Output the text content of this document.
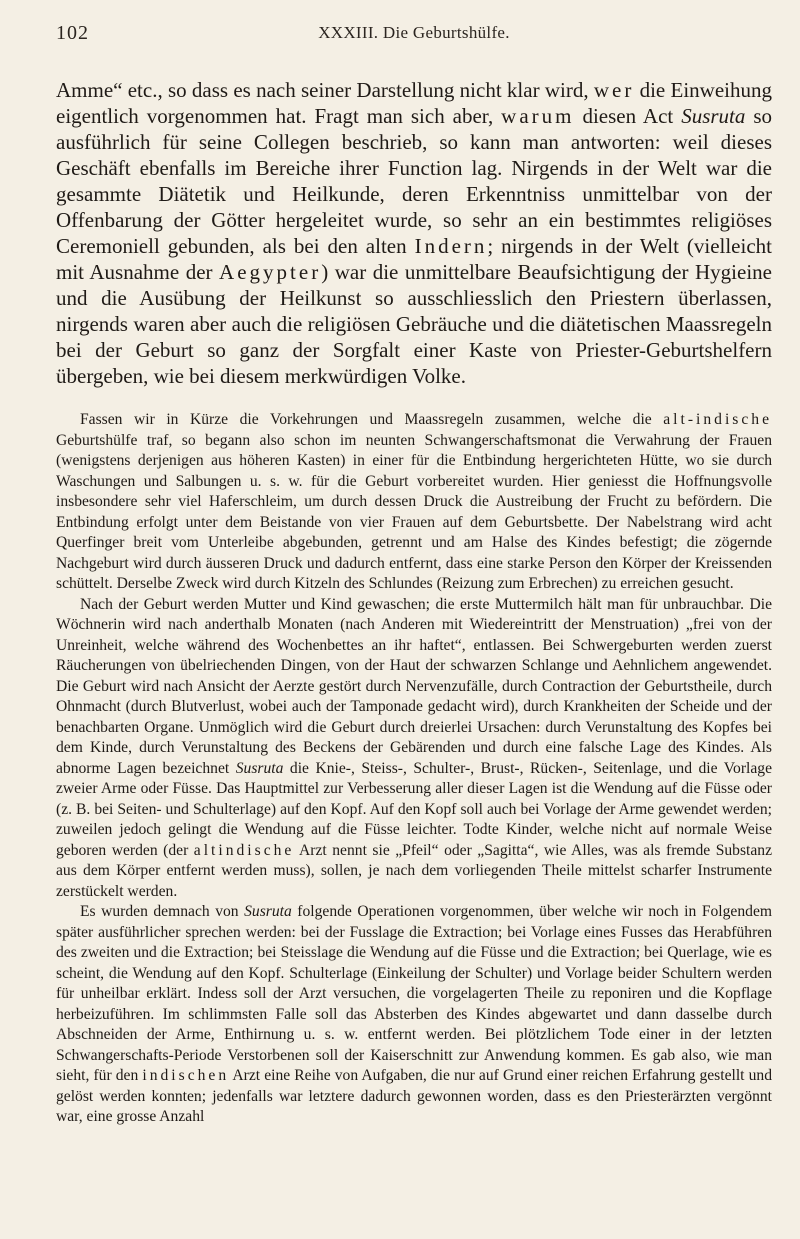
102	XXXIII. Die Geburtshülfe.

Amme“ etc., so dass es nach seiner Darstellung nicht klar wird, wer die Einweihung eigentlich vorgenommen hat. Fragt man sich aber, warum diesen Act Susruta so ausführlich für seine Collegen beschrieb, so kann man antworten: weil dieses Geschäft ebenfalls im Bereiche ihrer Function lag. Nirgends in der Welt war die gesammte Diätetik und Heilkunde, deren Erkenntniss unmittelbar von der Offenbarung der Götter hergeleitet wurde, so sehr an ein bestimmtes religiöses Ceremoniell gebunden, als bei den alten Indern; nirgends in der Welt (vielleicht mit Ausnahme der Aegypter) war die unmittelbare Beaufsichtigung der Hygieine und die Ausübung der Heilkunst so ausschliesslich den Priestern überlassen, nirgends waren aber auch die religiösen Gebräuche und die diätetischen Maassregeln bei der Geburt so ganz der Sorgfalt einer Kaste von Priester-Geburtshelfern übergeben, wie bei diesem merkwürdigen Volke.

Fassen wir in Kürze die Vorkehrungen und Maassregeln zusammen, welche die alt-indische Geburtshülfe traf, so begann also schon im neunten Schwangerschaftsmonat die Verwahrung der Frauen (wenigstens derjenigen aus höheren Kasten) in einer für die Entbindung hergerichteten Hütte, wo sie durch Waschungen und Salbungen u. s. w. für die Geburt vorbereitet wurden. Hier geniesst die Hoffnungsvolle insbesondere sehr viel Haferschleim, um durch dessen Druck die Austreibung der Frucht zu befördern. Die Entbindung erfolgt unter dem Beistande von vier Frauen auf dem Geburtsbette. Der Nabelstrang wird acht Querfinger breit vom Unterleibe abgebunden, getrennt und am Halse des Kindes befestigt; die zögernde Nachgeburt wird durch äusseren Druck und dadurch entfernt, dass eine starke Person den Körper der Kreissenden schüttelt. Derselbe Zweck wird durch Kitzeln des Schlundes (Reizung zum Erbrechen) zu erreichen gesucht.

Nach der Geburt werden Mutter und Kind gewaschen; die erste Muttermilch hält man für unbrauchbar. Die Wöchnerin wird nach anderthalb Monaten (nach Anderen mit Wiedereintritt der Menstruation) „frei von der Unreinheit, welche während des Wochenbettes an ihr haftet“, entlassen. Bei Schwergeburten werden zuerst Räucherungen von übelriechenden Dingen, von der Haut der schwarzen Schlange und Aehnlichem angewendet. Die Geburt wird nach Ansicht der Aerzte gestört durch Nervenzufälle, durch Contraction der Geburtstheile, durch Ohnmacht (durch Blutverlust, wobei auch der Tamponade gedacht wird), durch Krankheiten der Scheide und der benachbarten Organe. Unmöglich wird die Geburt durch dreierlei Ursachen: durch Verunstaltung des Kopfes bei dem Kinde, durch Verunstaltung des Beckens der Gebärenden und durch eine falsche Lage des Kindes. Als abnorme Lagen bezeichnet Susruta die Knie-, Steiss-, Schulter-, Brust-, Rücken-, Seitenlage, und die Vorlage zweier Arme oder Füsse. Das Hauptmittel zur Verbesserung aller dieser Lagen ist die Wendung auf die Füsse oder (z. B. bei Seiten- und Schulterlage) auf den Kopf. Auf den Kopf soll auch bei Vorlage der Arme gewendet werden; zuweilen jedoch gelingt die Wendung auf die Füsse leichter. Todte Kinder, welche nicht auf normale Weise geboren werden (der altindische Arzt nennt sie „Pfeil“ oder „Sagitta“, wie Alles, was als fremde Substanz aus dem Körper entfernt werden muss), sollen, je nach dem vorliegenden Theile mittelst scharfer Instrumente zerstückelt werden.

Es wurden demnach von Susruta folgende Operationen vorgenommen, über welche wir noch in Folgendem später ausführlicher sprechen werden: bei der Fusslage die Extraction; bei Vorlage eines Fusses das Herabführen des zweiten und die Extraction; bei Steisslage die Wendung auf die Füsse und die Extraction; bei Querlage, wie es scheint, die Wendung auf den Kopf. Schulterlage (Einkeilung der Schulter) und Vorlage beider Schultern werden für unheilbar erklärt. Indess soll der Arzt versuchen, die vorgelagerten Theile zu reponiren und die Kopflage herbeizuführen. Im schlimmsten Falle soll das Absterben des Kindes abgewartet und dann dasselbe durch Abschneiden der Arme, Enthirnung u. s. w. entfernt werden. Bei plötzlichem Tode einer in der letzten Schwangerschafts-Periode Verstorbenen soll der Kaiserschnitt zur Anwendung kommen. Es gab also, wie man sieht, für den indischen Arzt eine Reihe von Aufgaben, die nur auf Grund einer reichen Erfahrung gestellt und gelöst werden konnten; jedenfalls war letztere dadurch gewonnen worden, dass es den Priesterärzten vergönnt war, eine grosse Anzahl
